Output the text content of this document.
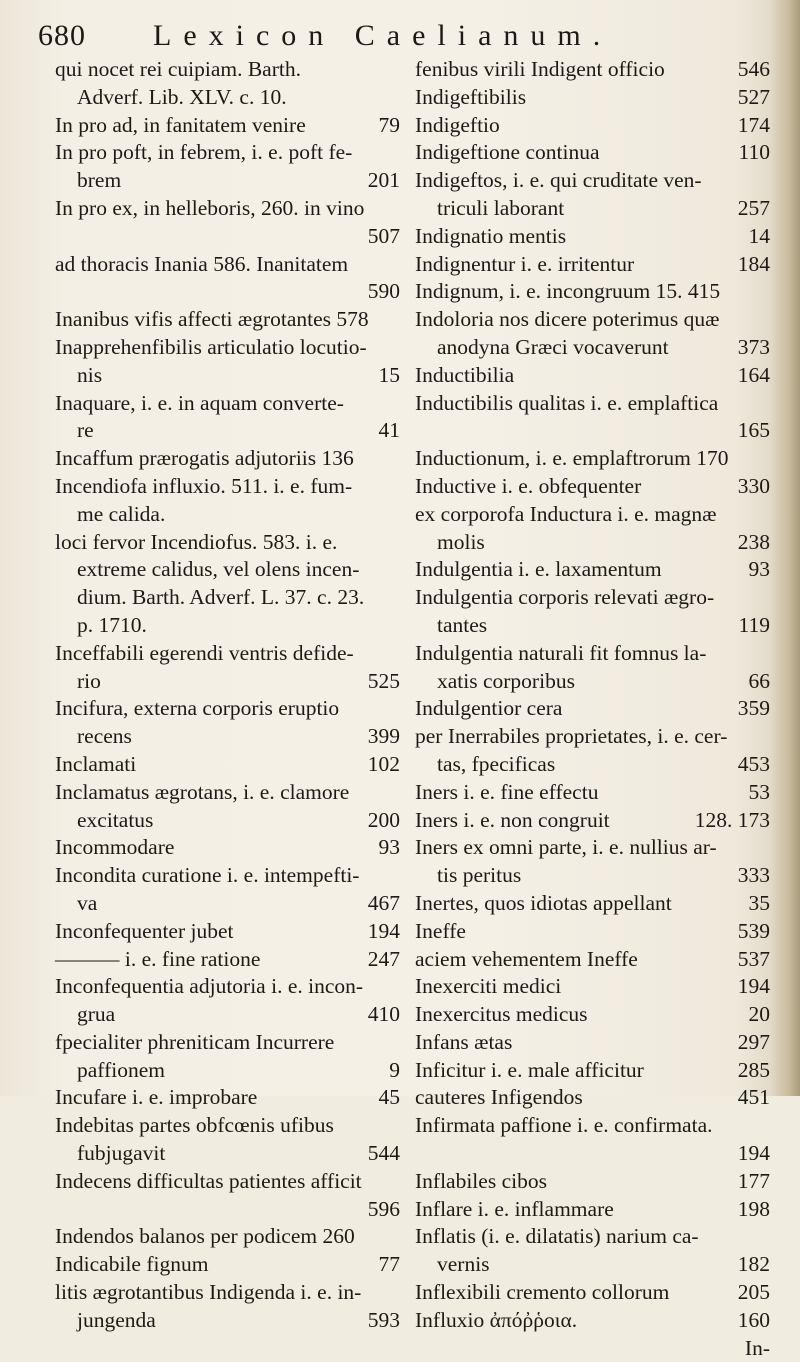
680 Lexicon Caelianum.
qui nocet rei cuipiam. Barth.
Adverf. Lib. XLV. c. 10.
In pro ad, in fanitatem venire	79
In pro poft, in febrem, i. e. poft fe-
brem	201
In pro ex, in helleboris, 260. in vino
507
ad thoracis Inania 586. Inanitatem
590
Inanibus vifis affecti ægrotantes 578
Inapprehenfibilis articulatio locutio-
nis	15
Inaquare, i. e. in aquam converte-
re	41
Incaffum prærogatis adjutoriis 136
Incendiofa influxio. 511. i. e. fum-
me calida.
loci fervor Incendiofus. 583. i. e.
extreme calidus, vel olens incen-
dium. Barth. Adverf. L. 37. c. 23.
p. 1710.
Inceffabili egerendi ventris defide-
rio	525
Incifura, externa corporis eruptio
recens	399
Inclamati	102
Inclamatus ægrotans, i. e. clamore
excitatus	200
Incommodare	93
Incondita curatione i. e. intempefti-
va	467
Inconfequenter jubet	194
——— i. e. fine ratione	247
Inconfequentia adjutoria i. e. incon-
grua	410
fpecialiter phreniticam Incurrere
paffionem	9
Incufare i. e. improbare	45
Indebitas partes obfcœnis ufibus
fubjugavit	544
Indecens difficultas patientes afficit
596
Indendos balanos per podicem 260
Indicabile fignum	77
litis ægrotantibus Indigenda i. e. in-
jungenda	593
fenibus virili Indigent officio	546
Indigeftibilis	527
Indigeftio	174
Indigeftione continua	110
Indigeftos, i. e. qui cruditate ven-
triculi laborant	257
Indignatio mentis	14
Indignentur i. e. irritentur	184
Indignum, i. e. incongruum 15. 415
Indoloria nos dicere poterimus quæ
anodyna Græci vocaverunt	373
Inductibilia	164
Inductibilis qualitas i. e. emplaftica
165
Inductionum, i. e. emplaftrorum 170
Inductive i. e. obfequenter	330
ex corporofa Inductura i. e. magnæ
molis	238
Indulgentia i. e. laxamentum	93
Indulgentia corporis relevati ægro-
tantes	119
Indulgentia naturali fit fomnus la-
xatis corporibus	66
Indulgentior cera	359
per Inerrabiles proprietates, i. e. cer-
tas, fpecificas	453
Iners i. e. fine effectu	53
Iners i. e. non congruit	128. 173
Iners ex omni parte, i. e. nullius ar-
tis peritus	333
Inertes, quos idiotas appellant	35
Ineffe	539
aciem vehementem Ineffe	537
Inexerciti medici	194
Inexercitus medicus	20
Infans ætas	297
Inficitur i. e. male afficitur	285
cauteres Infigendos	451
Infirmata paffione i. e. confirmata.
194
Inflabiles cibos	177
Inflare i. e. inflammare	198
Inflatis (i. e. dilatatis) narium ca-
vernis	182
Inflexibili cremento collorum	205
Influxio ἀπόῤῥοια.	160
In-
